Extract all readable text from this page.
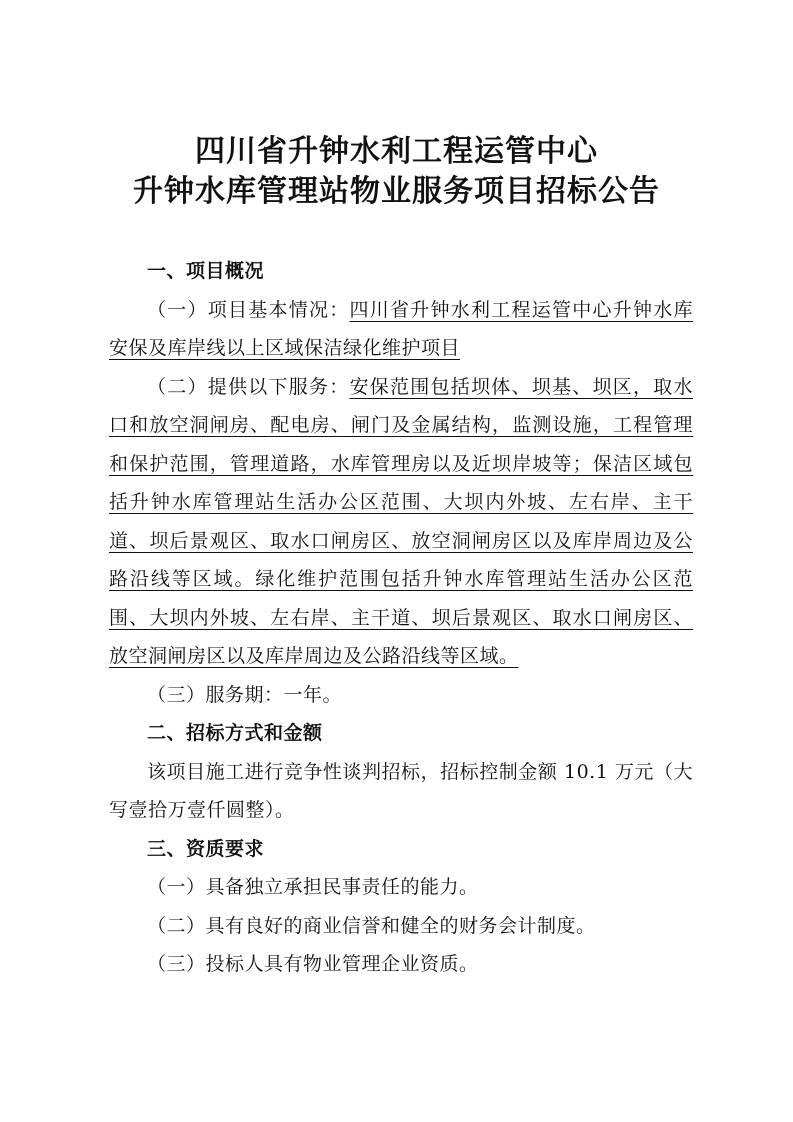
四川省升钟水利工程运管中心
升钟水库管理站物业服务项目招标公告

一、项目概况

（一）项目基本情况：四川省升钟水利工程运管中心升钟水库安保及库岸线以上区域保洁绿化维护项目

（二）提供以下服务：安保范围包括坝体、坝基、坝区，取水口和放空洞闸房、配电房、闸门及金属结构，监测设施，工程管理和保护范围，管理道路，水库管理房以及近坝岸坡等；保洁区域包括升钟水库管理站生活办公区范围、大坝内外坡、左右岸、主干道、坝后景观区、取水口闸房区、放空洞闸房区以及库岸周边及公路沿线等区域。绿化维护范围包括升钟水库管理站生活办公区范围、大坝内外坡、左右岸、主干道、坝后景观区、取水口闸房区、放空洞闸房区以及库岸周边及公路沿线等区域。

（三）服务期：一年。

二、招标方式和金额

该项目施工进行竞争性谈判招标，招标控制金额 10.1 万元（大写壹拾万壹仟圆整）。

三、资质要求

（一）具备独立承担民事责任的能力。

（二）具有良好的商业信誉和健全的财务会计制度。

（三）投标人具有物业管理企业资质。
